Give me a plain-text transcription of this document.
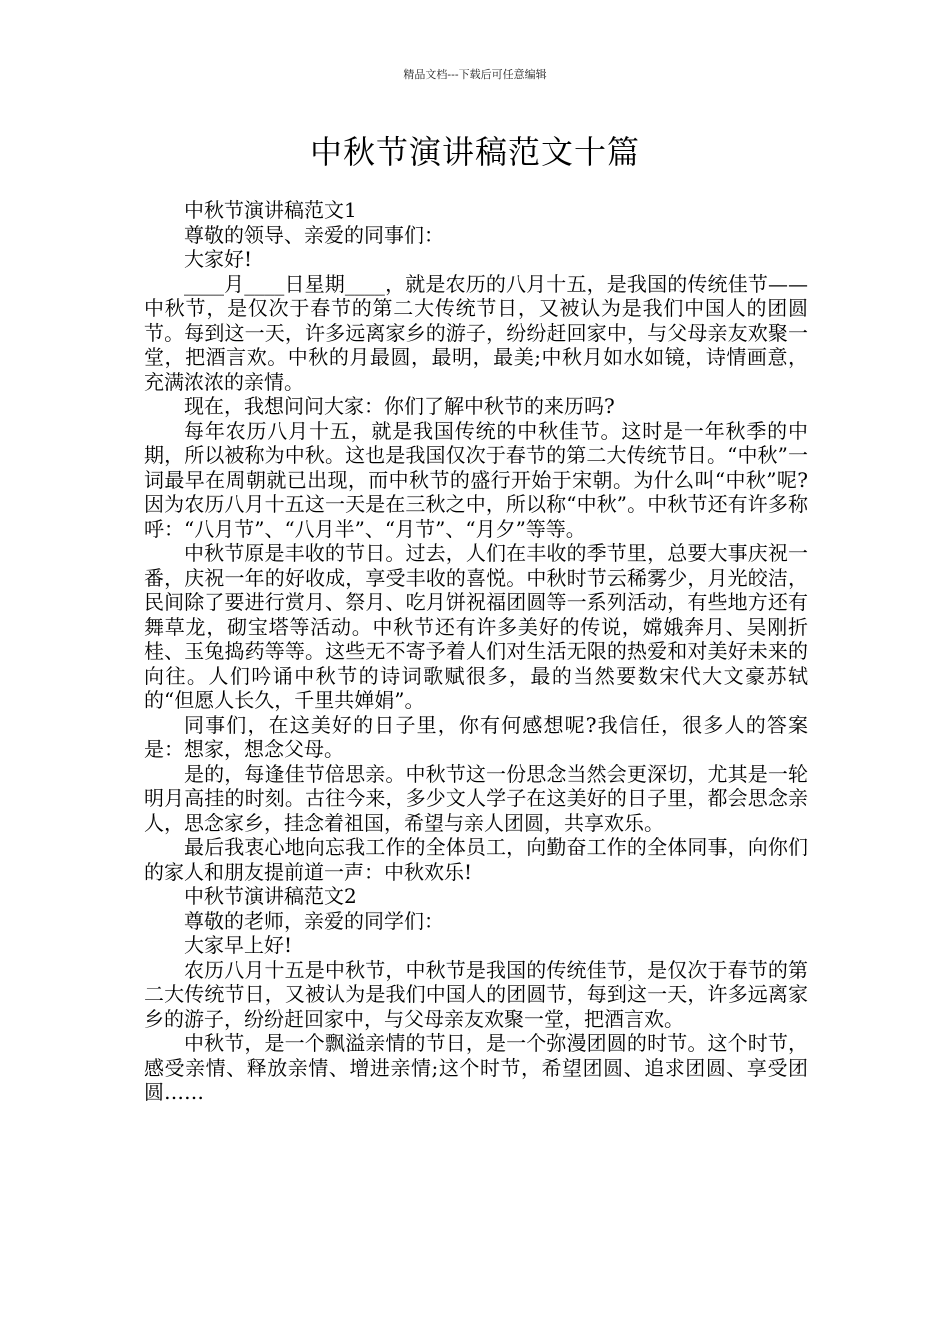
精品文档---下载后可任意编辑
中秋节演讲稿范文十篇

中秋节演讲稿范文1

尊敬的领导、亲爱的同事们：

大家好!

____月____日星期____，就是农历的八月十五，是我国的传统佳节——中秋节，是仅次于春节的第二大传统节日，又被认为是我们中国人的团圆节。每到这一天，许多远离家乡的游子，纷纷赶回家中，与父母亲友欢聚一堂，把酒言欢。中秋的月最圆，最明，最美;中秋月如水如镜，诗情画意，充满浓浓的亲情。

现在，我想问问大家：你们了解中秋节的来历吗?

每年农历八月十五，就是我国传统的中秋佳节。这时是一年秋季的中期，所以被称为中秋。这也是我国仅次于春节的第二大传统节日。“中秋”一词最早在周朝就已出现，而中秋节的盛行开始于宋朝。为什么叫“中秋”呢?因为农历八月十五这一天是在三秋之中，所以称“中秋”。中秋节还有许多称呼：“八月节”、“八月半”、“月节”、“月夕”等等。

中秋节原是丰收的节日。过去，人们在丰收的季节里，总要大事庆祝一番，庆祝一年的好收成，享受丰收的喜悦。中秋时节云稀雾少，月光皎洁，民间除了要进行赏月、祭月、吃月饼祝福团圆等一系列活动，有些地方还有舞草龙，砌宝塔等活动。中秋节还有许多美好的传说，嫦娥奔月、吴刚折桂、玉兔捣药等等。这些无不寄予着人们对生活无限的热爱和对美好未来的向往。人们吟诵中秋节的诗词歌赋很多，最的当然要数宋代大文豪苏轼的“但愿人长久，千里共婵娟”。

同事们，在这美好的日子里，你有何感想呢?我信任，很多人的答案是：想家，想念父母。

是的，每逢佳节倍思亲。中秋节这一份思念当然会更深切，尤其是一轮明月高挂的时刻。古往今来，多少文人学子在这美好的日子里，都会思念亲人，思念家乡，挂念着祖国，希望与亲人团圆，共享欢乐。

最后我衷心地向忘我工作的全体员工，向勤奋工作的全体同事，向你们的家人和朋友提前道一声：中秋欢乐!

中秋节演讲稿范文2

尊敬的老师，亲爱的同学们：

大家早上好!

农历八月十五是中秋节，中秋节是我国的传统佳节，是仅次于春节的第二大传统节日，又被认为是我们中国人的团圆节，每到这一天，许多远离家乡的游子，纷纷赶回家中，与父母亲友欢聚一堂，把酒言欢。

中秋节，是一个飘溢亲情的节日，是一个弥漫团圆的时节。这个时节，感受亲情、释放亲情、增进亲情;这个时节，希望团圆、追求团圆、享受团圆……
